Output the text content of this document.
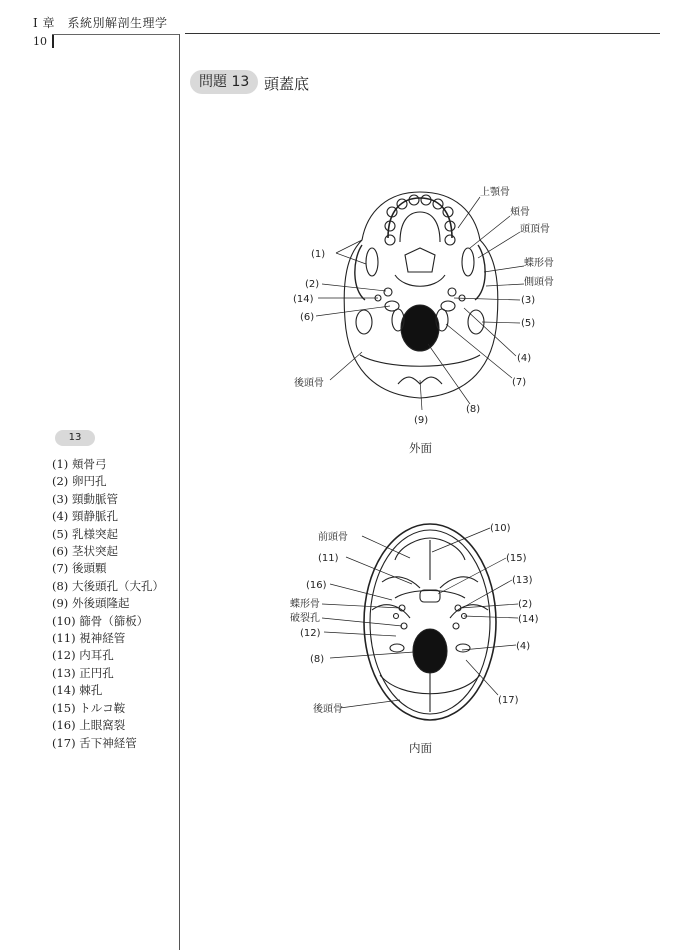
I 章　系統別解剖生理学
10
問題 13 頭蓋底
上顎骨
頬骨
頭頂骨
蝶形骨
側頭骨
(3)
(5)
(4)
(7)
(8)
(9)
(1)
(2)
(14)
(6)
後頭骨
外面
前頭骨
(11)
(16)
蝶形骨
破裂孔
(12)
(8)
後頭骨
(10)
(15)
(13)
(2)
(14)
(4)
(17)
内面
13
(1) 頬骨弓
(2) 卵円孔
(3) 頸動脈管
(4) 頸静脈孔
(5) 乳様突起
(6) 茎状突起
(7) 後頭顆
(8) 大後頭孔（大孔）
(9) 外後頭隆起
(10) 篩骨（篩板）
(11) 視神経管
(12) 内耳孔
(13) 正円孔
(14) 棘孔
(15) トルコ鞍
(16) 上眼窩裂
(17) 舌下神経管
